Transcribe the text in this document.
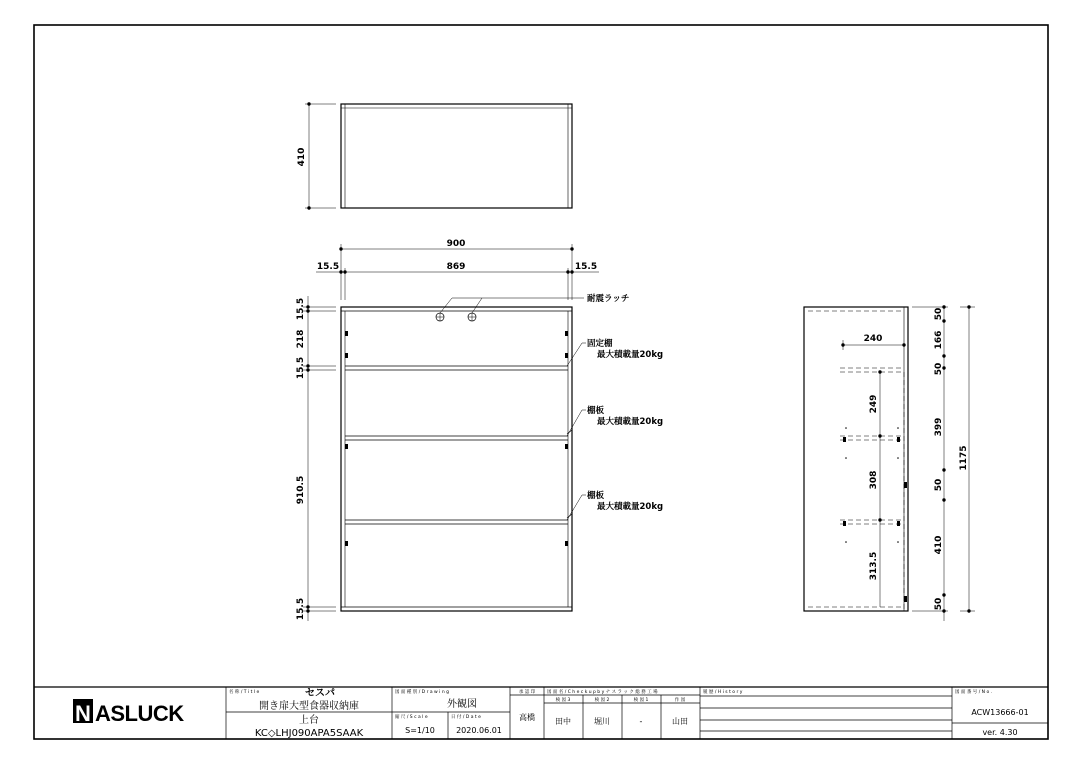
410
900
869
15.5	15.5
15.5
218
15.5
910.5
15.5
耐震ラッチ
固定棚
最大積載量20kg
棚板
最大積載量20kg
棚板
最大積載量20kg
240
249
308
313.5
50
166
50
399
50
410
50
1175
N ASLUCK
名 称 / T i t l e	セスパ
開き扉大型食器収納庫
上台
KC◇LHJ090APA5SAAK
図 面 種 別 / D r a w i n g
外観図
縮 尺 / S c a l e
S=1/10
日 付 / D a t e
2020.06.01
承 認 印
高橋
図 面 名 / C h e c k u p b y ナ ス ラ ッ ク 総 務 工 場
検 図 3	検 図 2	検 図 1	作 図
田中	堀川	-	山田
履 歴 / H i s t o r y	図 面 番 号 / N o .
ACW13666-01
ver. 4.30
